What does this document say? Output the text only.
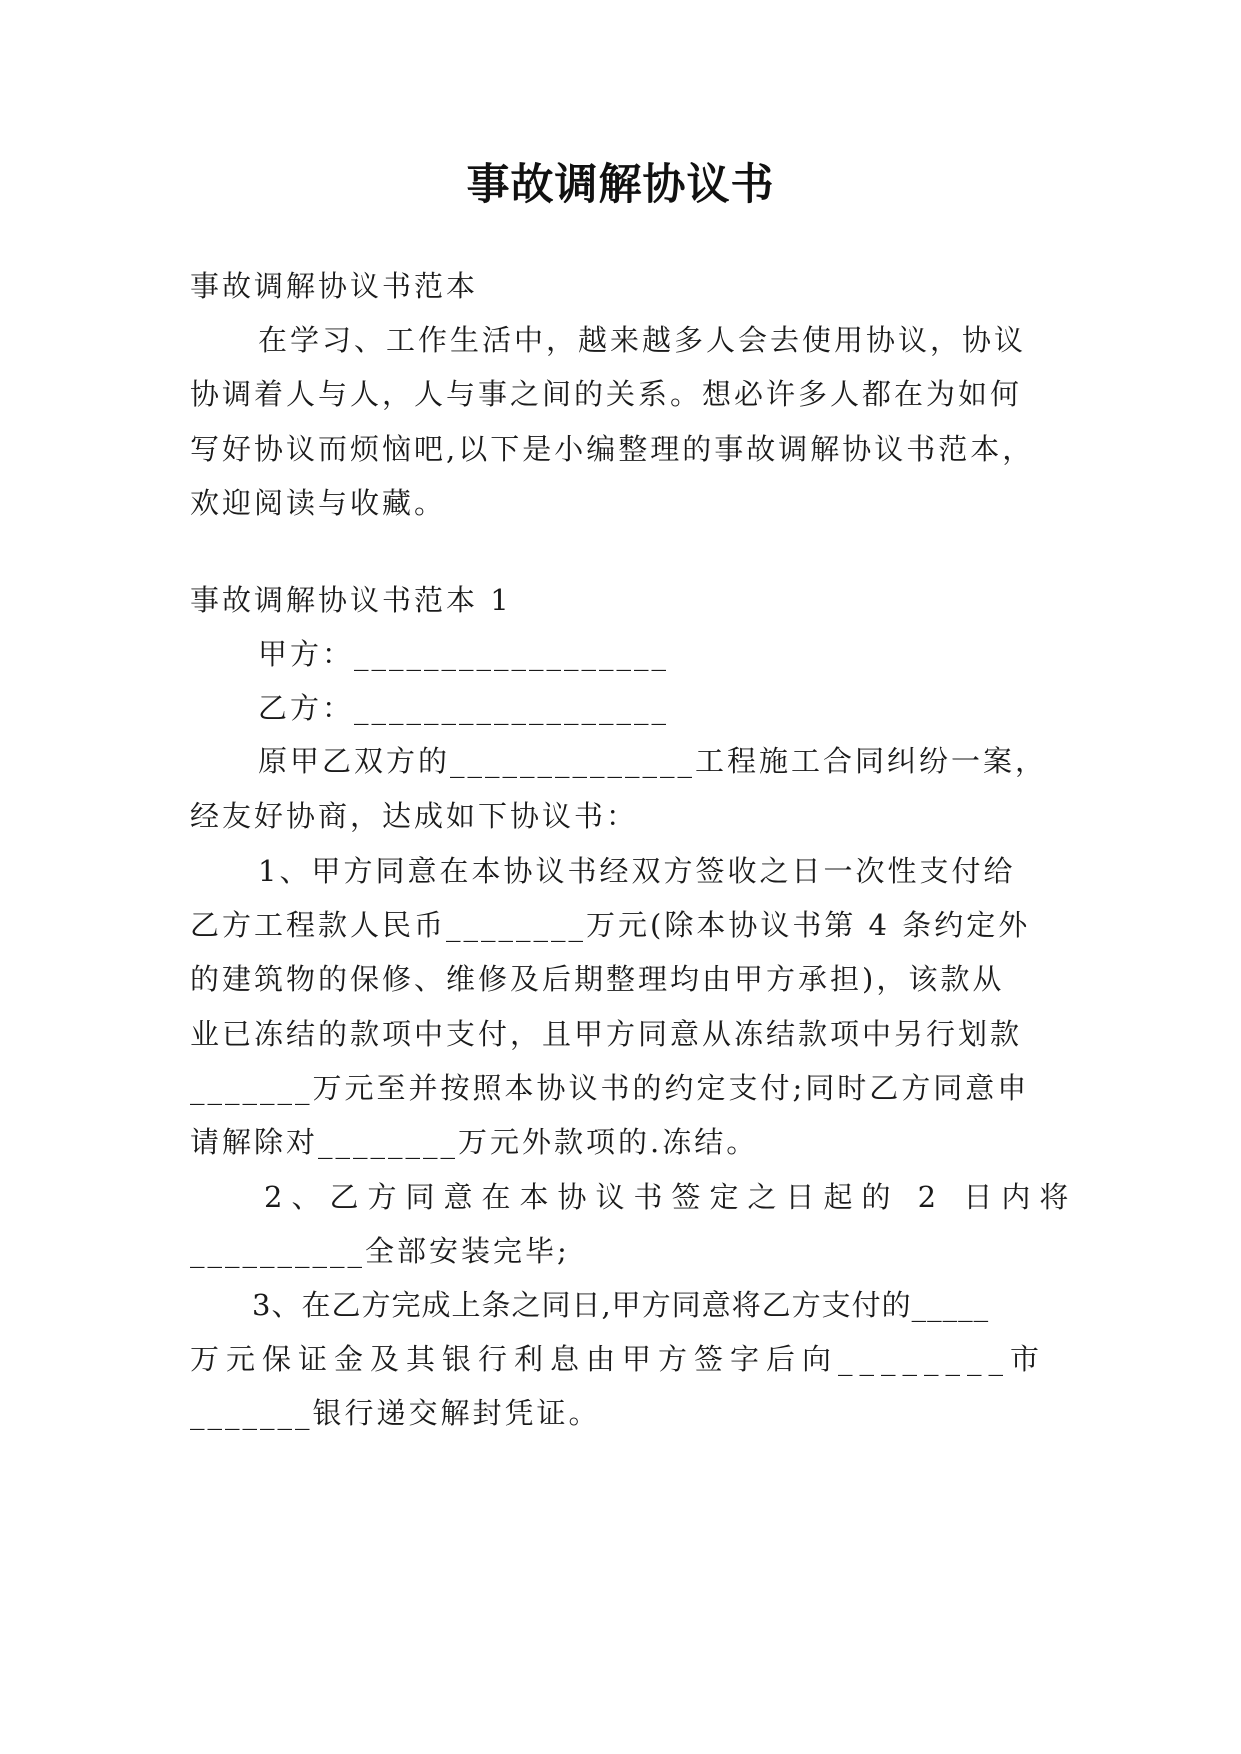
事故调解协议书
事故调解协议书范本
在学习、工作生活中，越来越多人会去使用协议，协议
协调着人与人，人与事之间的关系。想必许多人都在为如何
写好协议而烦恼吧,以下是小编整理的事故调解协议书范本，
欢迎阅读与收藏。
事故调解协议书范本 1
甲方：__________________
乙方：__________________
原甲乙双方的______________工程施工合同纠纷一案，
经友好协商，达成如下协议书：
1、甲方同意在本协议书经双方签收之日一次性支付给
乙方工程款人民币________万元(除本协议书第 4 条约定外
的建筑物的保修、维修及后期整理均由甲方承担)，该款从
业已冻结的款项中支付，且甲方同意从冻结款项中另行划款
_______万元至并按照本协议书的约定支付;同时乙方同意申
请解除对________万元外款项的.冻结。
2、乙方同意在本协议书签定之日起的 2 日内将
__________全部安装完毕;
3、在乙方完成上条之同日,甲方同意将乙方支付的_____
万元保证金及其银行利息由甲方签字后向________市
_______银行递交解封凭证。
